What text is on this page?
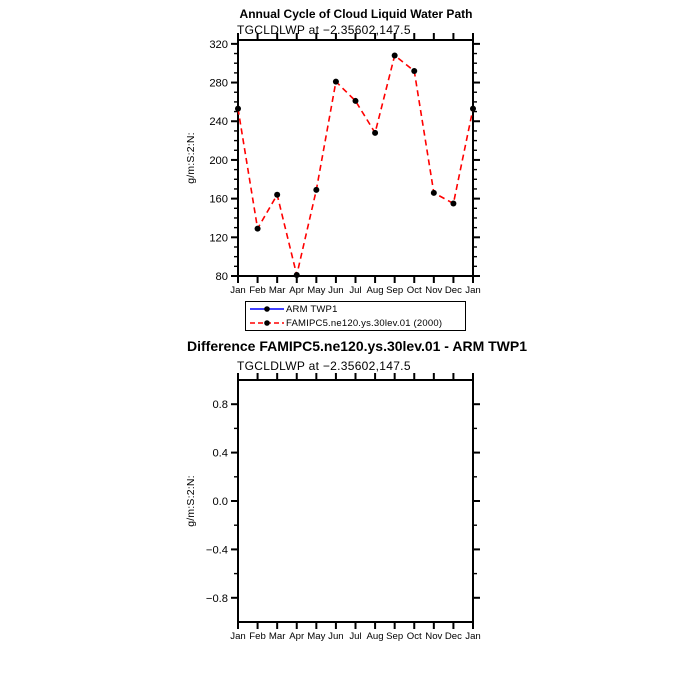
Annual Cycle of Cloud Liquid Water Path
TGCLDLWP at −2.35602,147.5
g/m:S:2:N:
ARM TWP1
FAMIPC5.ne120.ys.30lev.01 (2000)
Difference FAMIPC5.ne120.ys.30lev.01 - ARM TWP1
TGCLDLWP at −2.35602,147.5
g/m:S:2:N:
80
120
160
200
240
280
320
Jan Feb Mar Apr May Jun Jul Aug Sep Oct Nov Dec Jan
−0.8
−0.4
0.0
0.4
0.8
Jan Feb Mar Apr May Jun Jul Aug Sep Oct Nov Dec Jan
